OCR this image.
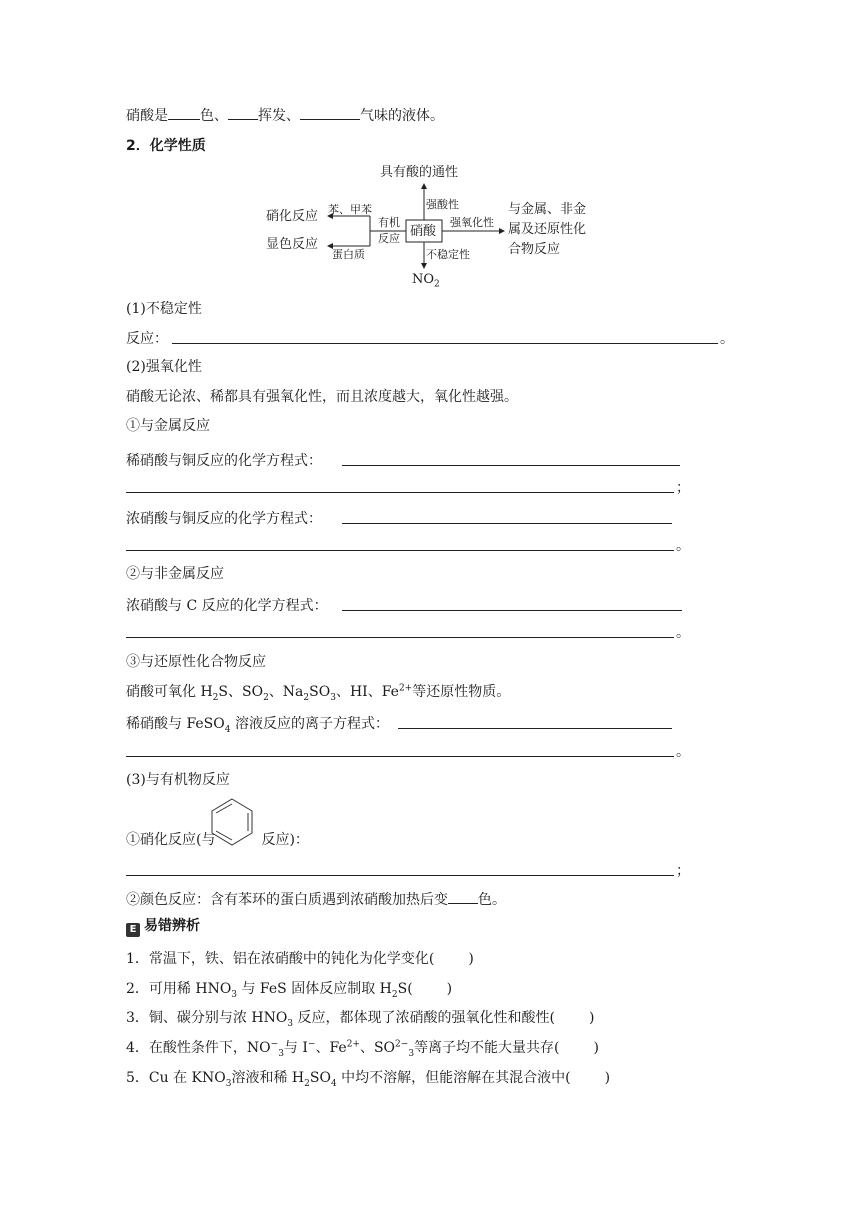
硝酸是 色、 挥发、	气味的液体。
2．化学性质
具有酸的通性
硝酸
强酸性
强氧化性
与金属、非金
属及还原性化
合物反应
不稳定性
$NO_2$
有机
反应
苯、甲苯
硝化反应
蛋白质
显色反应
(1)不稳定性
反应：	。
(2)强氧化性
硝酸无论浓、稀都具有强氧化性，而且浓度越大，氧化性越强。
①与金属反应
稀硝酸与铜反应的化学方程式：
；
浓硝酸与铜反应的化学方程式：
。
②与非金属反应
浓硝酸与 C 反应的化学方程式：
。
③与还原性化合物反应
硝酸可氧化 $H_2S$、$SO_2$、$Na_2SO_3$、HI、$Fe^{2+}$等还原性物质。
稀硝酸与 FeSO$_4$ 溶液反应的离子方程式：
。
(3)与有机物反应
①硝化反应(与	反应)：
；
②颜色反应：含有苯环的蛋白质遇到浓硝酸加热后变 色。
E 易错辨析
1．常温下，铁、铝在浓硝酸中的钝化为化学变化( )
2．可用稀 $HNO_3$ 与 FeS 固体反应制取 $H_2S$( )
3．铜、碳分别与浓 $HNO_3$ 反应，都体现了浓硝酸的强氧化性和酸性( )
4．在酸性条件下，$NO^-_3$与 I−、$Fe^{2+}$、$SO^{2-}_3$等离子均不能大量共存( )
5．Cu 在 $KNO_3$溶液和稀 $H_2SO_4$ 中均不溶解，但能溶解在其混合液中( )
